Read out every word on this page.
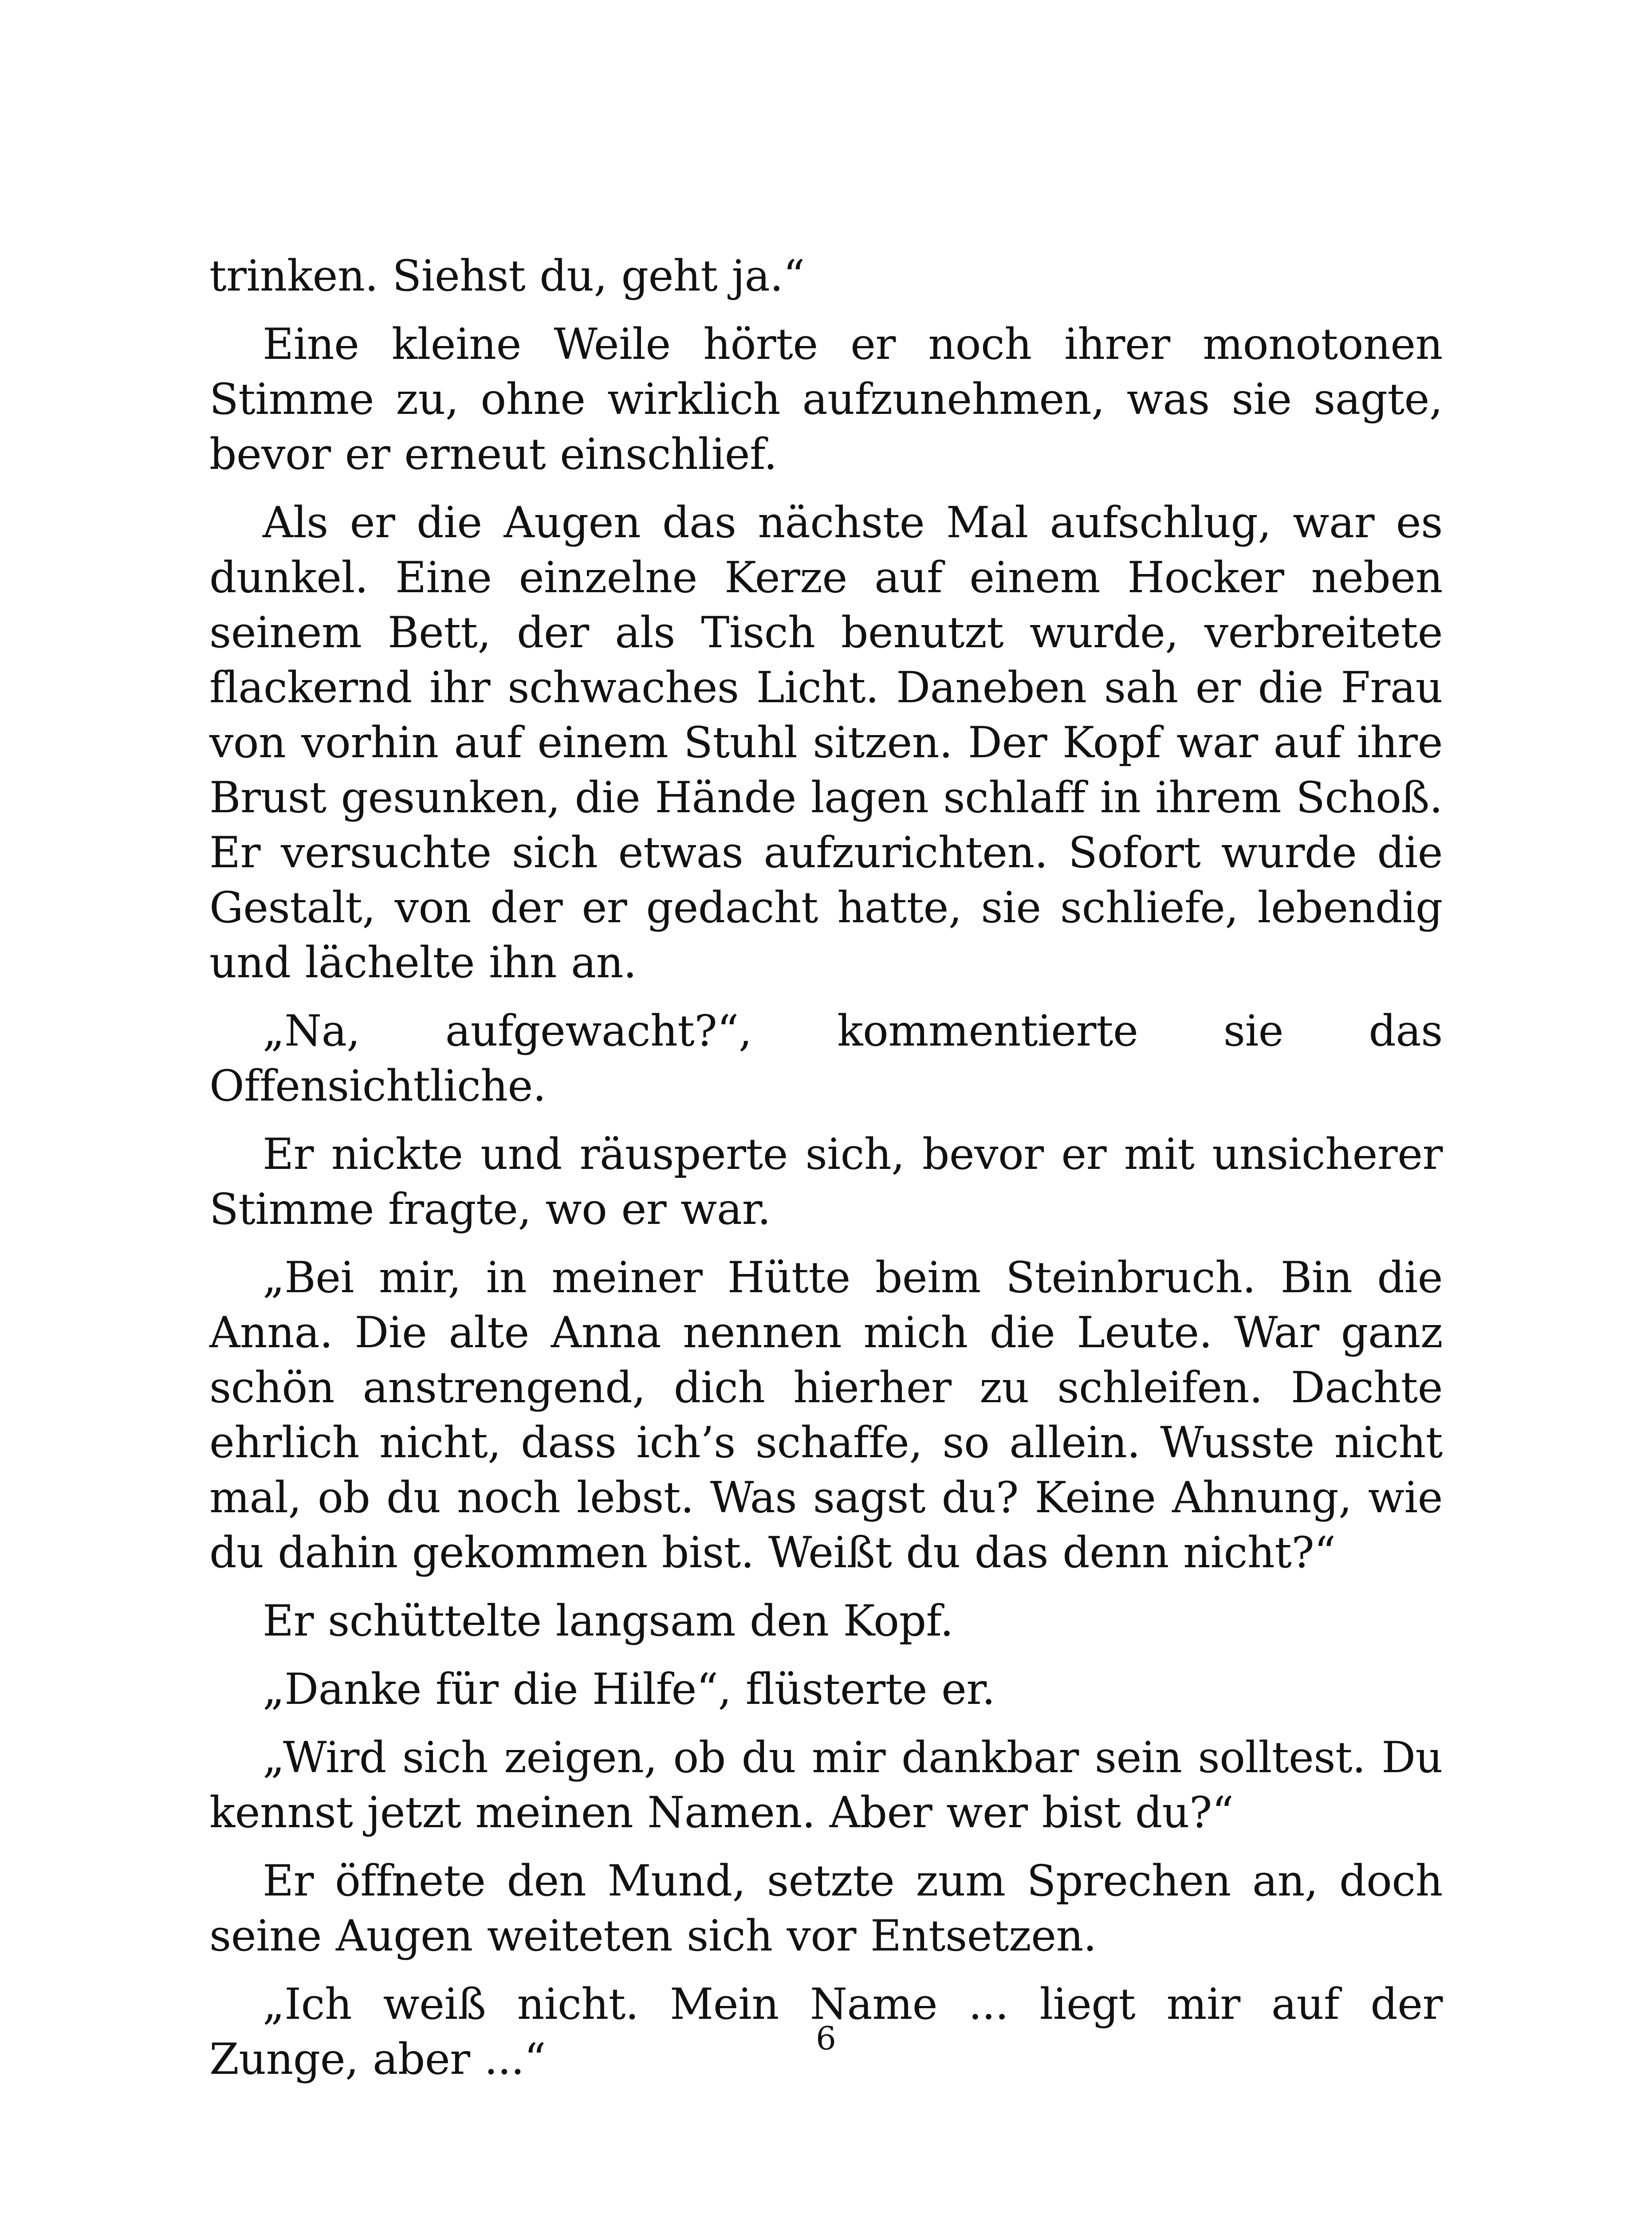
trinken. Siehst du, geht ja.“

Eine kleine Weile hörte er noch ihrer monotonen Stimme zu, ohne wirklich aufzunehmen, was sie sagte, bevor er erneut einschlief.

Als er die Augen das nächste Mal aufschlug, war es dunkel. Eine einzelne Kerze auf einem Hocker neben seinem Bett, der als Tisch benutzt wurde, verbreitete flackernd ihr schwaches Licht. Daneben sah er die Frau von vorhin auf einem Stuhl sitzen. Der Kopf war auf ihre Brust gesunken, die Hände lagen schlaff in ihrem Schoß. Er versuchte sich etwas aufzurichten. Sofort wurde die Gestalt, von der er gedacht hatte, sie schliefe, lebendig und lächelte ihn an.

„Na, aufgewacht?“, kommentierte sie das Offensichtliche.

Er nickte und räusperte sich, bevor er mit unsicherer Stimme fragte, wo er war.

„Bei mir, in meiner Hütte beim Steinbruch. Bin die Anna. Die alte Anna nennen mich die Leute. War ganz schön anstrengend, dich hierher zu schleifen. Dachte ehrlich nicht, dass ich’s schaffe, so allein. Wusste nicht mal, ob du noch lebst. Was sagst du? Keine Ahnung, wie du dahin gekommen bist. Weißt du das denn nicht?“

Er schüttelte langsam den Kopf.

„Danke für die Hilfe“, flüsterte er.

„Wird sich zeigen, ob du mir dankbar sein solltest. Du kennst jetzt meinen Namen. Aber wer bist du?“

Er öffnete den Mund, setzte zum Sprechen an, doch seine Augen weiteten sich vor Entsetzen.

„Ich weiß nicht. Mein Name ... liegt mir auf der Zunge, aber ...“	6
